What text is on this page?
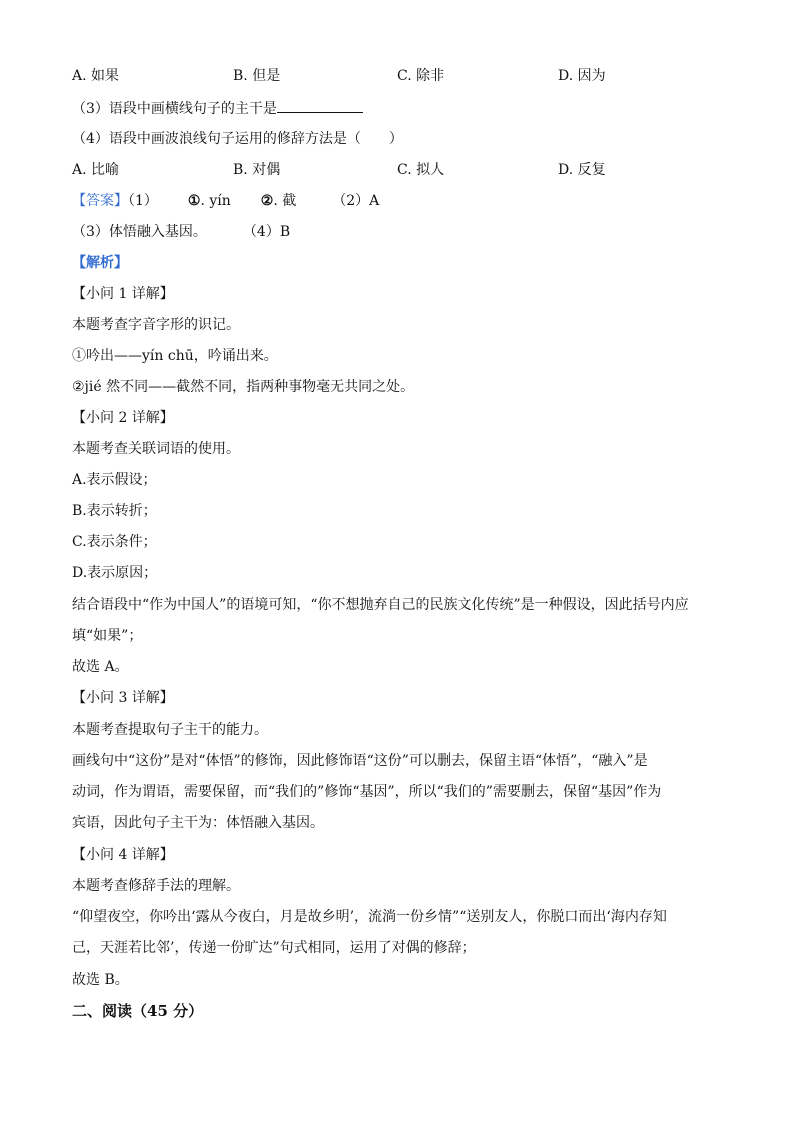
A. 如果	B. 但是	C. 除非	D. 因为
（3）语段中画横线句子的主干是
（4）语段中画波浪线句子运用的修辞方法是（　　）
A. 比喻	B. 对偶	C. 拟人	D. 反复
【答案】（1） ①. yín ②. 截	（2）A
（3）体悟融入基因。	（4）B
【解析】
【小问 1 详解】
本题考查字音字形的识记。
①吟出——yín chū，吟诵出来。
②jié 然不同——截然不同，指两种事物毫无共同之处。
【小问 2 详解】
本题考查关联词语的使用。
A.表示假设；
B.表示转折；
C.表示条件；
D.表示原因；
结合语段中“作为中国人”的语境可知，“你不想抛弃自己的民族文化传统”是一种假设，因此括号内应
填“如果”；
故选 A。
【小问 3 详解】
本题考查提取句子主干的能力。
画线句中“这份”是对“体悟”的修饰，因此修饰语“这份”可以删去，保留主语“体悟”，“融入”是
动词，作为谓语，需要保留，而“我们的”修饰“基因”，所以“我们的”需要删去，保留“基因”作为
宾语，因此句子主干为：体悟融入基因。
【小问 4 详解】
本题考查修辞手法的理解。
“仰望夜空，你吟出‘露从今夜白，月是故乡明’，流淌一份乡情”“送别友人，你脱口而出‘海内存知
己，天涯若比邻’，传递一份旷达”句式相同，运用了对偶的修辞；
故选 B。
二、阅读（45 分）
